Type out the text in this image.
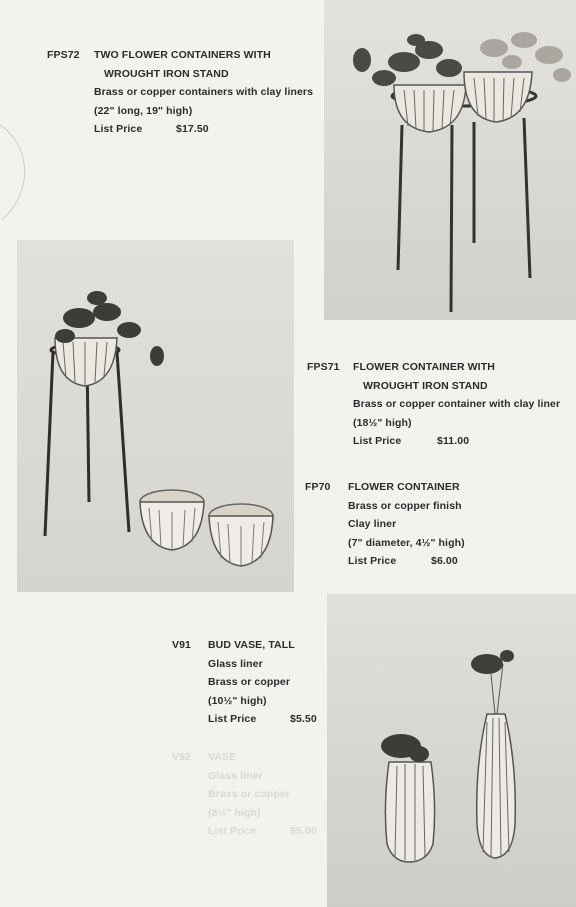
FPS72 TWO FLOWER CONTAINERS WITH
WROUGHT IRON STAND
Brass or copper containers with clay liners
(22" long, 19" high)
List Price	$17.50
FPS71 FLOWER CONTAINER WITH
WROUGHT IRON STAND
Brass or copper container with clay liner
(18½" high)
List Price	$11.00
FP70 FLOWER CONTAINER
Brass or copper finish
Clay liner
(7" diameter, 4½" high)
List Price	$6.00
V91 BUD VASE, TALL
Glass liner
Brass or copper
(10½" high)
List Price	$5.50
V92 VASE
Glass liner
Brass or copper
(8½" high)
List Price	$5.00
